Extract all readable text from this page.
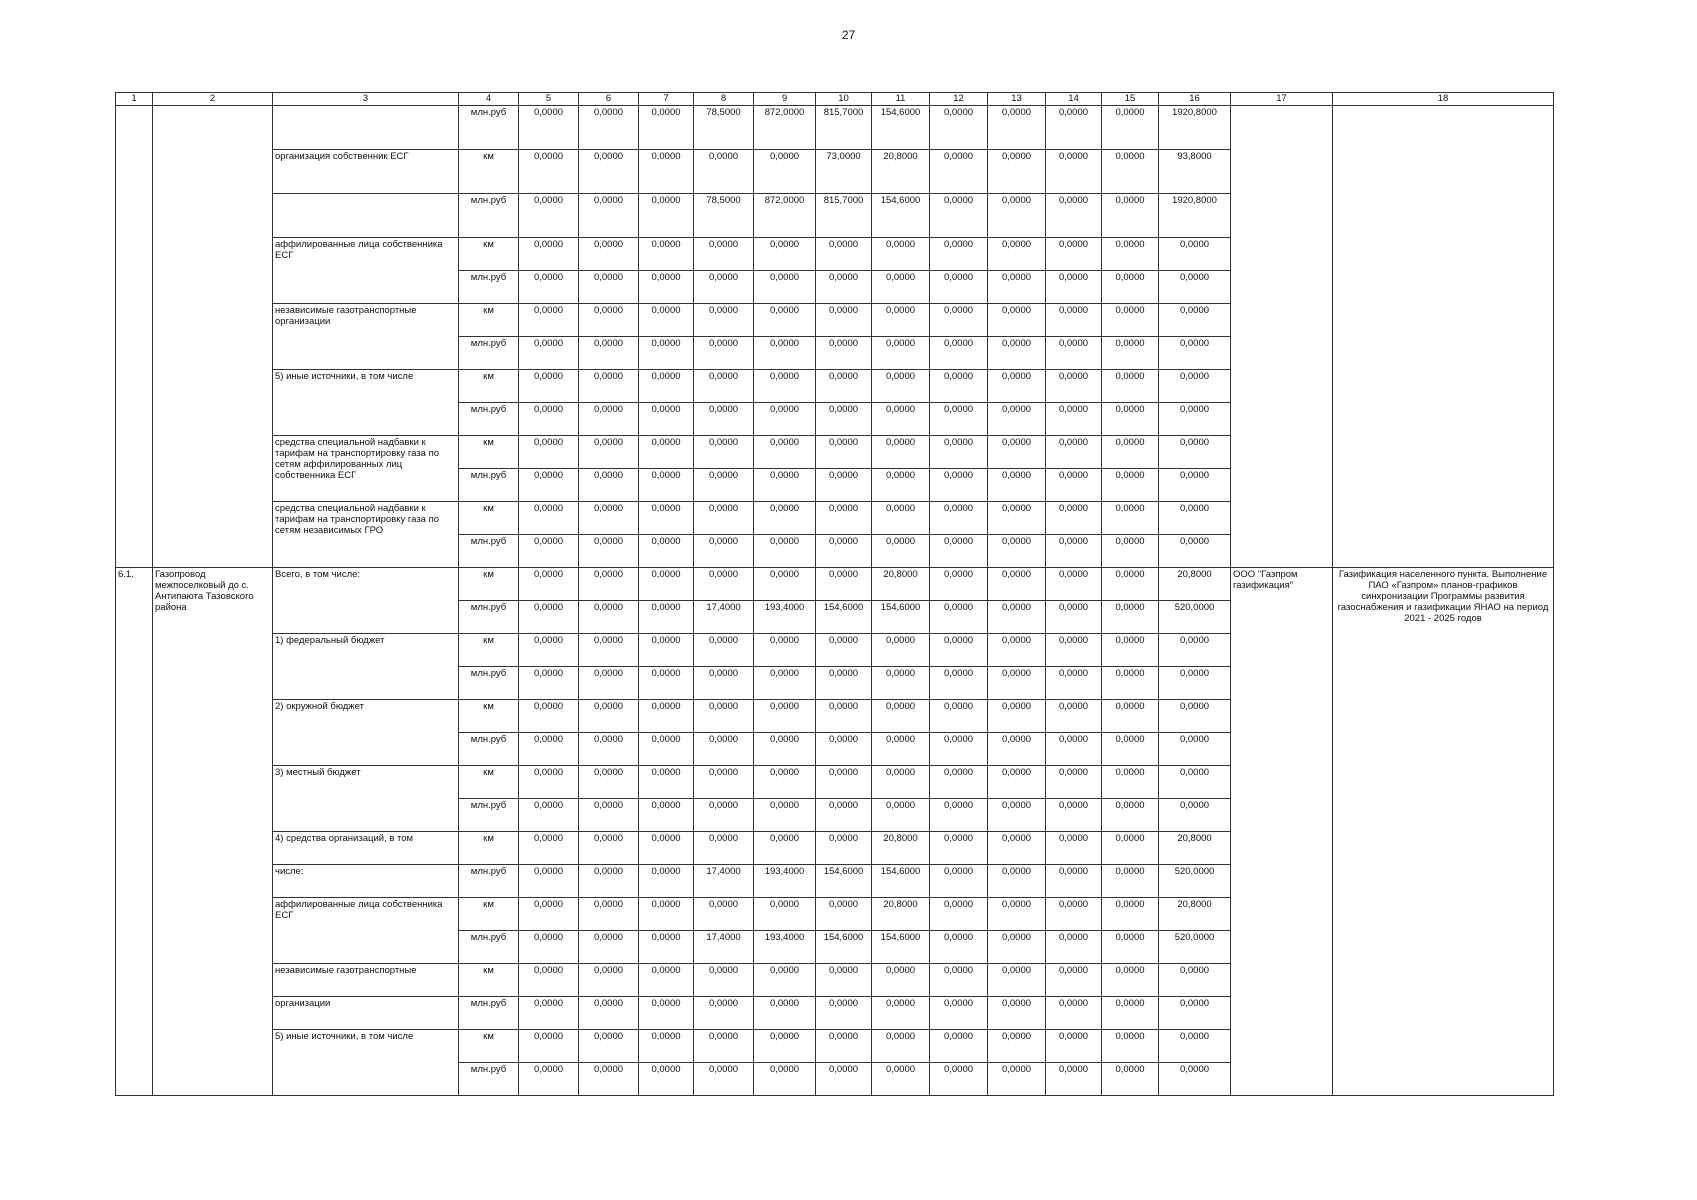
27
1	2	3	4	5	6	7	8	9	10	11	12	13	14	15	16	17	18
			млн.руб	0,0000	0,0000	0,0000	78,5000	872,0000	815,7000	154,6000	0,0000	0,0000	0,0000	0,0000	1920,8000		
		организация собственник ЕСГ	км	0,0000	0,0000	0,0000	0,0000	0,0000	73,0000	20,8000	0,0000	0,0000	0,0000	0,0000	93,8000		
			млн.руб	0,0000	0,0000	0,0000	78,5000	872,0000	815,7000	154,6000	0,0000	0,0000	0,0000	0,0000	1920,8000		
		аффилированные лица собственника ЕСГ	км	0,0000	0,0000	0,0000	0,0000	0,0000	0,0000	0,0000	0,0000	0,0000	0,0000	0,0000	0,0000		
			млн.руб	0,0000	0,0000	0,0000	0,0000	0,0000	0,0000	0,0000	0,0000	0,0000	0,0000	0,0000	0,0000		
		независимые газотранспортные организации	км	0,0000	0,0000	0,0000	0,0000	0,0000	0,0000	0,0000	0,0000	0,0000	0,0000	0,0000	0,0000		
			млн.руб	0,0000	0,0000	0,0000	0,0000	0,0000	0,0000	0,0000	0,0000	0,0000	0,0000	0,0000	0,0000		
		5) иные источники, в том числе	км	0,0000	0,0000	0,0000	0,0000	0,0000	0,0000	0,0000	0,0000	0,0000	0,0000	0,0000	0,0000		
			млн.руб	0,0000	0,0000	0,0000	0,0000	0,0000	0,0000	0,0000	0,0000	0,0000	0,0000	0,0000	0,0000		
		средства специальной надбавки к тарифам на транспортировку газа по сетям аффилированных лиц собственника ЕСГ	км	0,0000	0,0000	0,0000	0,0000	0,0000	0,0000	0,0000	0,0000	0,0000	0,0000	0,0000	0,0000		
			млн.руб	0,0000	0,0000	0,0000	0,0000	0,0000	0,0000	0,0000	0,0000	0,0000	0,0000	0,0000	0,0000		
		средства специальной надбавки к тарифам на транспортировку газа по сетям независимых ГРО	км	0,0000	0,0000	0,0000	0,0000	0,0000	0,0000	0,0000	0,0000	0,0000	0,0000	0,0000	0,0000		
			млн.руб	0,0000	0,0000	0,0000	0,0000	0,0000	0,0000	0,0000	0,0000	0,0000	0,0000	0,0000	0,0000		
6.1.	Газопровод межпоселковый до с. Антипаюта Тазовского района	Всего, в том числе:	км	0,0000	0,0000	0,0000	0,0000	0,0000	0,0000	20,8000	0,0000	0,0000	0,0000	0,0000	20,8000	ООО "Газпром газификация"	Газификация населенного пункта. Выполнение ПАО «Газпром» планов-графиков синхронизации Программы развития газоснабжения и газификации ЯНАО на период 2021 - 2025 годов
			млн.руб	0,0000	0,0000	0,0000	17,4000	193,4000	154,6000	154,6000	0,0000	0,0000	0,0000	0,0000	520,0000		
		1) федеральный бюджет	км	0,0000	0,0000	0,0000	0,0000	0,0000	0,0000	0,0000	0,0000	0,0000	0,0000	0,0000	0,0000		
			млн.руб	0,0000	0,0000	0,0000	0,0000	0,0000	0,0000	0,0000	0,0000	0,0000	0,0000	0,0000	0,0000		
		2) окружной бюджет	км	0,0000	0,0000	0,0000	0,0000	0,0000	0,0000	0,0000	0,0000	0,0000	0,0000	0,0000	0,0000		
			млн.руб	0,0000	0,0000	0,0000	0,0000	0,0000	0,0000	0,0000	0,0000	0,0000	0,0000	0,0000	0,0000		
		3) местный бюджет	км	0,0000	0,0000	0,0000	0,0000	0,0000	0,0000	0,0000	0,0000	0,0000	0,0000	0,0000	0,0000		
			млн.руб	0,0000	0,0000	0,0000	0,0000	0,0000	0,0000	0,0000	0,0000	0,0000	0,0000	0,0000	0,0000		
		4) средства организаций, в том	км	0,0000	0,0000	0,0000	0,0000	0,0000	0,0000	20,8000	0,0000	0,0000	0,0000	0,0000	20,8000		
		числе:	млн.руб	0,0000	0,0000	0,0000	17,4000	193,4000	154,6000	154,6000	0,0000	0,0000	0,0000	0,0000	520,0000		
		аффилированные лица собственника ЕСГ	км	0,0000	0,0000	0,0000	0,0000	0,0000	0,0000	20,8000	0,0000	0,0000	0,0000	0,0000	20,8000		
			млн.руб	0,0000	0,0000	0,0000	17,4000	193,4000	154,6000	154,6000	0,0000	0,0000	0,0000	0,0000	520,0000		
		независимые газотранспортные	км	0,0000	0,0000	0,0000	0,0000	0,0000	0,0000	0,0000	0,0000	0,0000	0,0000	0,0000	0,0000		
		организации	млн.руб	0,0000	0,0000	0,0000	0,0000	0,0000	0,0000	0,0000	0,0000	0,0000	0,0000	0,0000	0,0000		
		5) иные источники, в том числе	км	0,0000	0,0000	0,0000	0,0000	0,0000	0,0000	0,0000	0,0000	0,0000	0,0000	0,0000	0,0000		
			млн.руб	0,0000	0,0000	0,0000	0,0000	0,0000	0,0000	0,0000	0,0000	0,0000	0,0000	0,0000	0,0000		
